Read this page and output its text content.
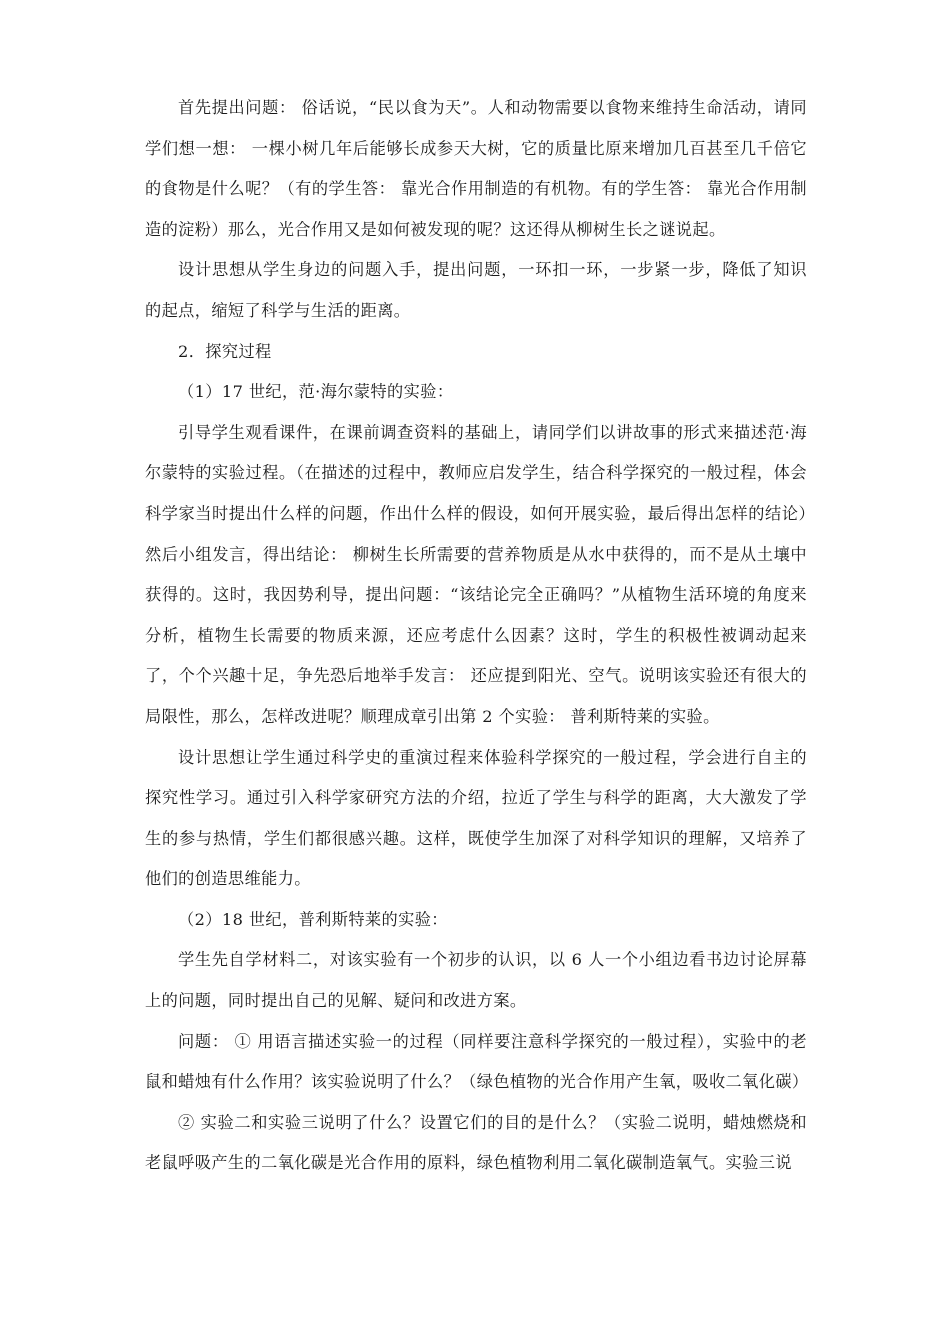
首先提出问题： 俗话说，“民以食为天”。人和动物需要以食物来维持生命活动，请同学们想一想： 一棵小树几年后能够长成参天大树，它的质量比原来增加几百甚至几千倍它的食物是什么呢？（有的学生答： 靠光合作用制造的有机物。有的学生答： 靠光合作用制造的淀粉）那么，光合作用又是如何被发现的呢？这还得从柳树生长之谜说起。

设计思想从学生身边的问题入手，提出问题，一环扣一环，一步紧一步，降低了知识的起点，缩短了科学与生活的距离。

2．探究过程

（1）17 世纪，范·海尔蒙特的实验：

引导学生观看课件，在课前调查资料的基础上，请同学们以讲故事的形式来描述范·海尔蒙特的实验过程。（在描述的过程中，教师应启发学生，结合科学探究的一般过程，体会科学家当时提出什么样的问题，作出什么样的假设，如何开展实验，最后得出怎样的结论）然后小组发言，得出结论： 柳树生长所需要的营养物质是从水中获得的，而不是从土壤中获得的。这时，我因势利导，提出问题：“该结论完全正确吗？”从植物生活环境的角度来分析，植物生长需要的物质来源，还应考虑什么因素？这时，学生的积极性被调动起来了，个个兴趣十足，争先恐后地举手发言： 还应提到阳光、空气。说明该实验还有很大的局限性，那么，怎样改进呢？顺理成章引出第 2 个实验： 普利斯特莱的实验。

设计思想让学生通过科学史的重演过程来体验科学探究的一般过程，学会进行自主的探究性学习。通过引入科学家研究方法的介绍，拉近了学生与科学的距离，大大激发了学生的参与热情，学生们都很感兴趣。这样，既使学生加深了对科学知识的理解，又培养了他们的创造思维能力。

（2）18 世纪，普利斯特莱的实验：

学生先自学材料二，对该实验有一个初步的认识，以 6 人一个小组边看书边讨论屏幕上的问题，同时提出自己的见解、疑问和改进方案。

问题： ① 用语言描述实验一的过程（同样要注意科学探究的一般过程），实验中的老鼠和蜡烛有什么作用？该实验说明了什么？（绿色植物的光合作用产生氧，吸收二氧化碳）

② 实验二和实验三说明了什么？设置它们的目的是什么？（实验二说明，蜡烛燃烧和老鼠呼吸产生的二氧化碳是光合作用的原料，绿色植物利用二氧化碳制造氧气。实验三说
